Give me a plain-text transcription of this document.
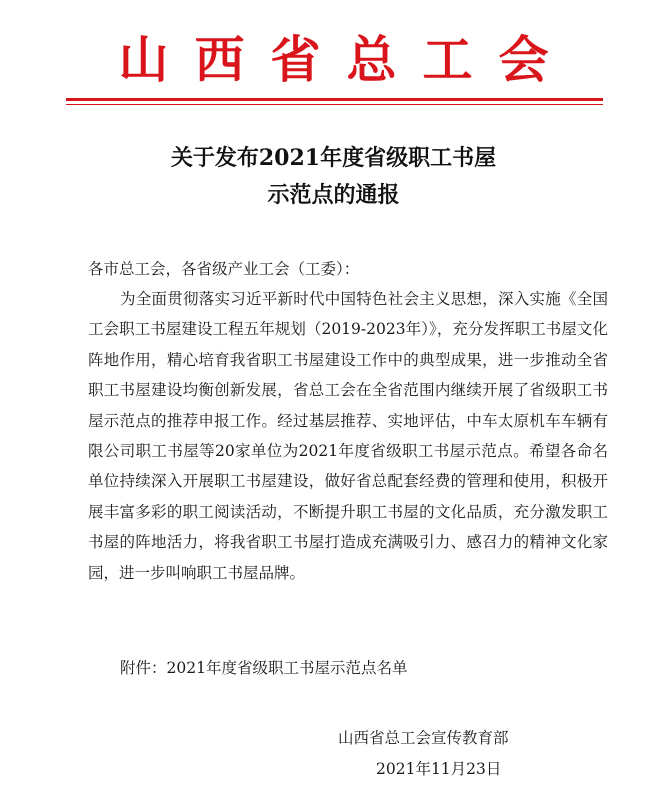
山西省总工会
关于发布2021年度省级职工书屋
示范点的通报
各市总工会，各省级产业工会（工委）：
为全面贯彻落实习近平新时代中国特色社会主义思想，深入实施《全国工会职工书屋建设工程五年规划（2019-2023年）》，充分发挥职工书屋文化阵地作用，精心培育我省职工书屋建设工作中的典型成果，进一步推动全省职工书屋建设均衡创新发展，省总工会在全省范围内继续开展了省级职工书屋示范点的推荐申报工作。经过基层推荐、实地评估，中车太原机车车辆有限公司职工书屋等20家单位为2021年度省级职工书屋示范点。希望各命名单位持续深入开展职工书屋建设，做好省总配套经费的管理和使用，积极开展丰富多彩的职工阅读活动，不断提升职工书屋的文化品质，充分激发职工书屋的阵地活力，将我省职工书屋打造成充满吸引力、感召力的精神文化家园，进一步叫响职工书屋品牌。
附件：2021年度省级职工书屋示范点名单
山西省总工会宣传教育部
2021年11月23日
